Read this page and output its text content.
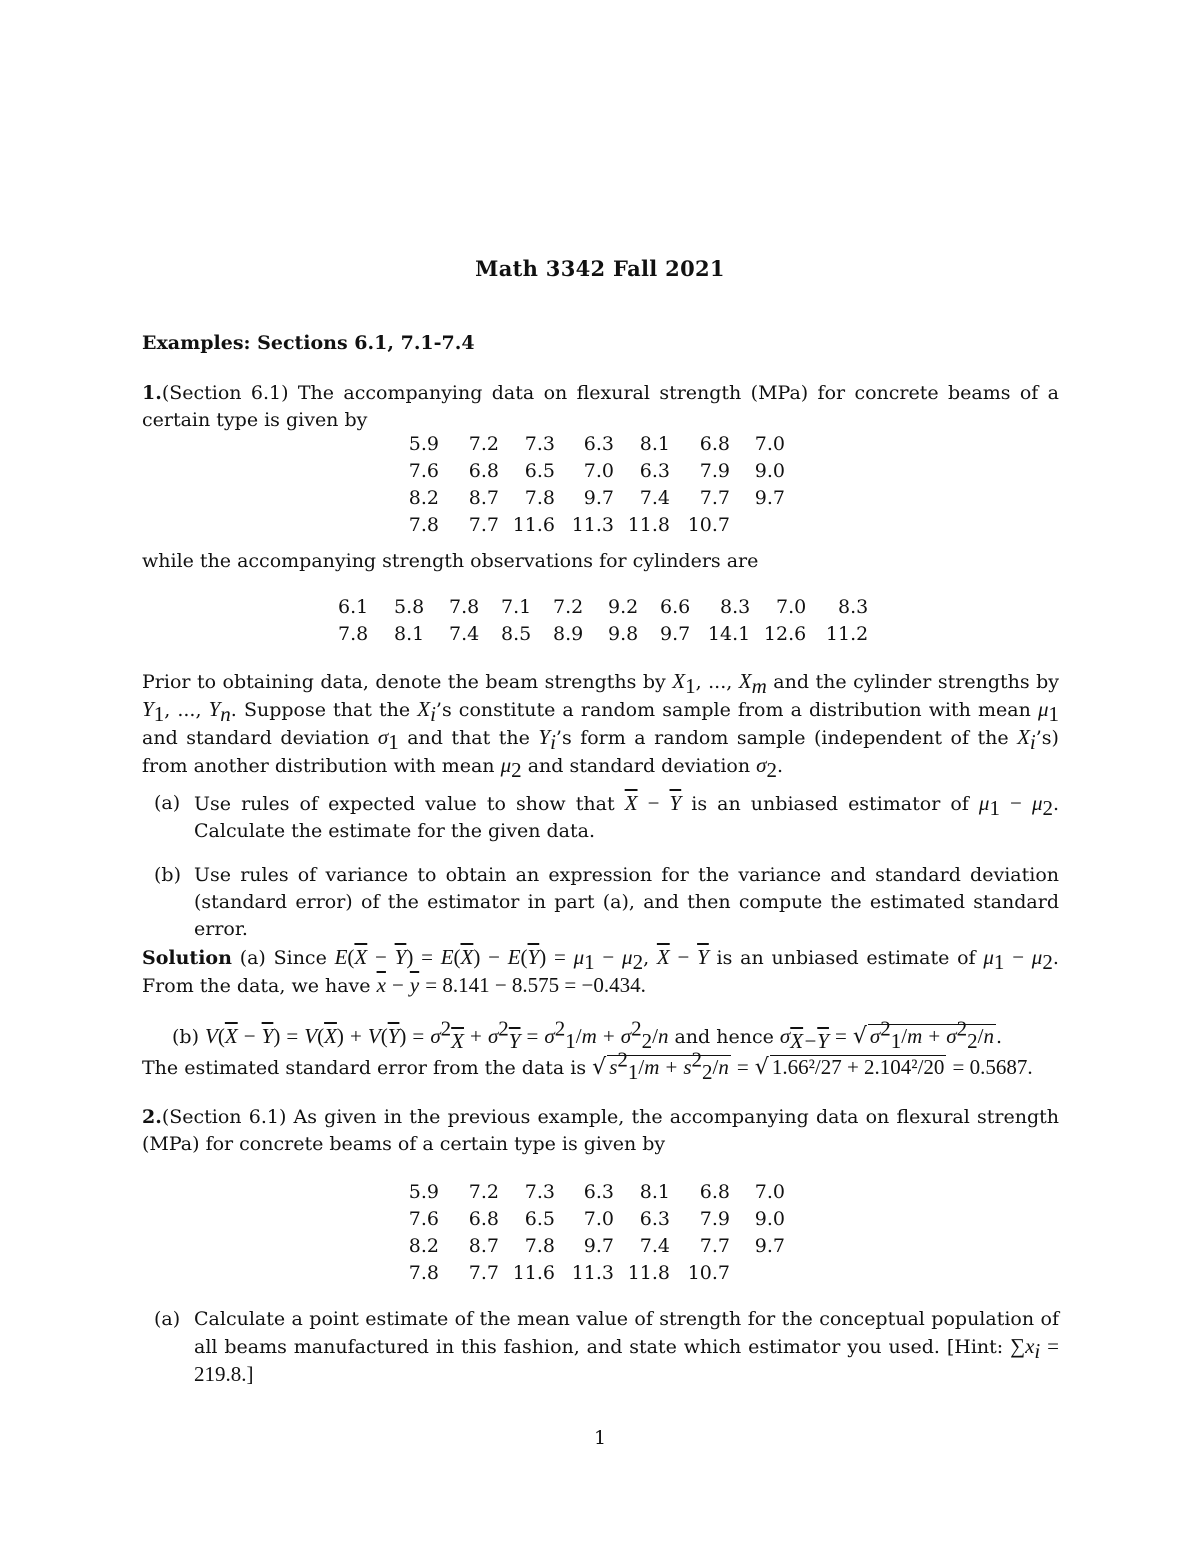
Math 3342 Fall 2021
Examples: Sections 6.1, 7.1-7.4
1.(Section 6.1) The accompanying data on flexural strength (MPa) for concrete beams of a certain type is given by
5.9	7.2	7.3	6.3	8.1	6.8	7.0
7.6	6.8	6.5	7.0	6.3	7.9	9.0
8.2	8.7	7.8	9.7	7.4	7.7	9.7
7.8	7.7	11.6	11.3	11.8	10.7	
while the accompanying strength observations for cylinders are
6.1	5.8	7.8	7.1	7.2	9.2	6.6	8.3	7.0	8.3
7.8	8.1	7.4	8.5	8.9	9.8	9.7	14.1	12.6	11.2
Prior to obtaining data, denote the beam strengths by $X_1$, ..., $X_m$ and the cylinder strengths by $Y_1$, ..., $Y_n$. Suppose that the $X_i’s$ constitute a random sample from a distribution with mean $\mu_1$ and standard deviation $\sigma_1$ and that the $Y_i’s$ form a random sample (independent of the $X_i’s$) from another distribution with mean $\mu_2$ and standard deviation $\sigma_2$.
(a) Use rules of expected value to show that $\overline{X} - \overline{Y}$ is an unbiased estimator of $\mu_1 - \mu_2$. Calculate the estimate for the given data.
(b) Use rules of variance to obtain an expression for the variance and standard deviation (standard error) of the estimator in part (a), and then compute the estimated standard error.
Solution (a) Since $E(\overline{X} - \overline{Y}) = E(\overline{X}) - E(\overline{Y}) = \mu_1 - \mu_2$, $\overline{X} - \overline{Y}$ is an unbiased estimate of $\mu_1 - \mu_2$. From the data, we have $\overline{x} - \overline{y} = 8.141 - 8.575 = -0.434$.
(b) $V(\overline{X} - \overline{Y}) = V(\overline{X}) + V(\overline{Y}) = \sigma^2_{\overline{X}} + \sigma^2_{\overline{Y}} = \sigma^2_1/m + \sigma^2_2/n$ and hence $\sigma_{\overline{X}-\overline{Y}}$ = √ $\sigma^2_1/m + \sigma^2_2/n$ .
The estimated standard error from the data is √ $s^2_1/m + s^2_2/n$ = √ 1.66²/27 + 2.104²/20 = 0.5687.
2.(Section 6.1) As given in the previous example, the accompanying data on flexural strength (MPa) for concrete beams of a certain type is given by
5.9	7.2	7.3	6.3	8.1	6.8	7.0
7.6	6.8	6.5	7.0	6.3	7.9	9.0
8.2	8.7	7.8	9.7	7.4	7.7	9.7
7.8	7.7	11.6	11.3	11.8	10.7	
(a) Calculate a point estimate of the mean value of strength for the conceptual population of all beams manufactured in this fashion, and state which estimator you used. [Hint: $\sum x_i = 219.8$.]
1
